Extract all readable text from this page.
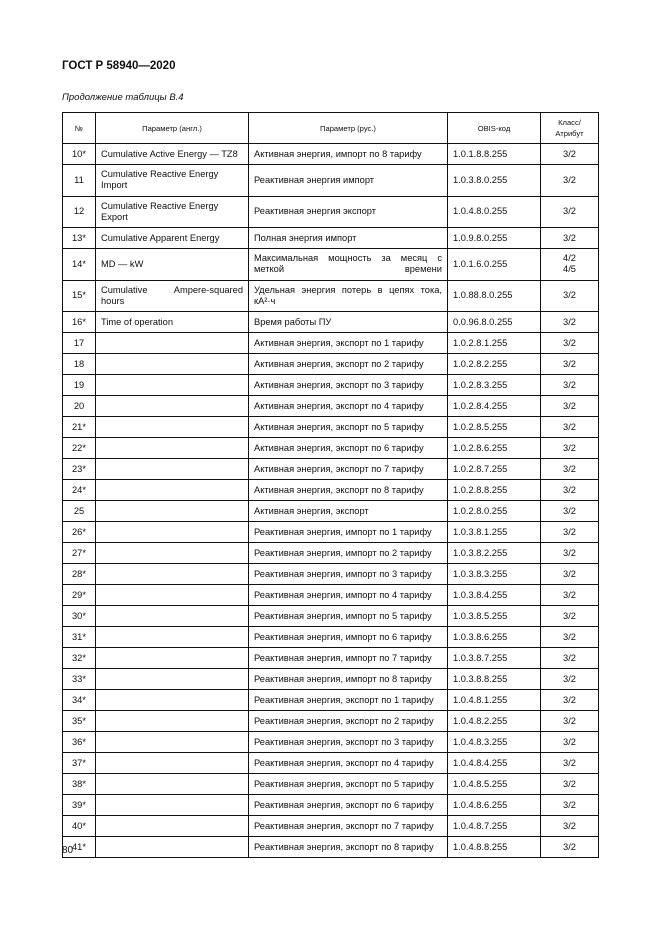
ГОСТ Р 58940—2020
Продолжение таблицы В.4
№	Параметр (англ.)	Параметр (рус.)	OBIS-код	Класс/
Атрибут
10*	Cumulative Active Energy — TZ8	Активная энергия, импорт по 8 тарифу	1.0.1.8.8.255	3/2
11	Cumulative Reactive Energy Import	Реактивная энергия импорт	1.0.3.8.0.255	3/2
12	Cumulative Reactive Energy Export	Реактивная энергия экспорт	1.0.4.8.0.255	3/2
13*	Cumulative Apparent Energy	Полная энергия импорт	1.0.9.8.0.255	3/2
14*	MD — kW	Максимальная мощность за месяц с меткой времени	1.0.1.6.0.255	4/2
4/5
15*	Cumulative Ampere-squared hours	Удельная энергия потерь в цепях тока, кА²·ч	1.0.88.8.0.255	3/2
16*	Time of operation	Время работы ПУ	0.0.96.8.0.255	3/2
17		Активная энергия, экспорт по 1 тарифу	1.0.2.8.1.255	3/2
18		Активная энергия, экспорт по 2 тарифу	1.0.2.8.2.255	3/2
19		Активная энергия, экспорт по 3 тарифу	1.0.2.8.3.255	3/2
20		Активная энергия, экспорт по 4 тарифу	1.0.2.8.4.255	3/2
21*		Активная энергия, экспорт по 5 тарифу	1.0.2.8.5.255	3/2
22*		Активная энергия, экспорт по 6 тарифу	1.0.2.8.6.255	3/2
23*		Активная энергия, экспорт по 7 тарифу	1.0.2.8.7.255	3/2
24*		Активная энергия, экспорт по 8 тарифу	1.0.2.8.8.255	3/2
25		Активная энергия, экспорт	1.0.2.8.0.255	3/2
26*		Реактивная энергия, импорт по 1 тарифу	1.0.3.8.1.255	3/2
27*		Реактивная энергия, импорт по 2 тарифу	1.0.3.8.2.255	3/2
28*		Реактивная энергия, импорт по 3 тарифу	1.0.3.8.3.255	3/2
29*		Реактивная энергия, импорт по 4 тарифу	1.0.3.8.4.255	3/2
30*		Реактивная энергия, импорт по 5 тарифу	1.0.3.8.5.255	3/2
31*		Реактивная энергия, импорт по 6 тарифу	1.0.3.8.6.255	3/2
32*		Реактивная энергия, импорт по 7 тарифу	1.0.3.8.7.255	3/2
33*		Реактивная энергия, импорт по 8 тарифу	1.0.3.8.8.255	3/2
34*		Реактивная энергия, экспорт по 1 тарифу	1.0.4.8.1.255	3/2
35*		Реактивная энергия, экспорт по 2 тарифу	1.0.4.8.2.255	3/2
36*		Реактивная энергия, экспорт по 3 тарифу	1.0.4.8.3.255	3/2
37*		Реактивная энергия, экспорт по 4 тарифу	1.0.4.8.4.255	3/2
38*		Реактивная энергия, экспорт по 5 тарифу	1.0.4.8.5.255	3/2
39*		Реактивная энергия, экспорт по 6 тарифу	1.0.4.8.6.255	3/2
40*		Реактивная энергия, экспорт по 7 тарифу	1.0.4.8.7.255	3/2
41*		Реактивная энергия, экспорт по 8 тарифу	1.0.4.8.8.255	3/2
80
